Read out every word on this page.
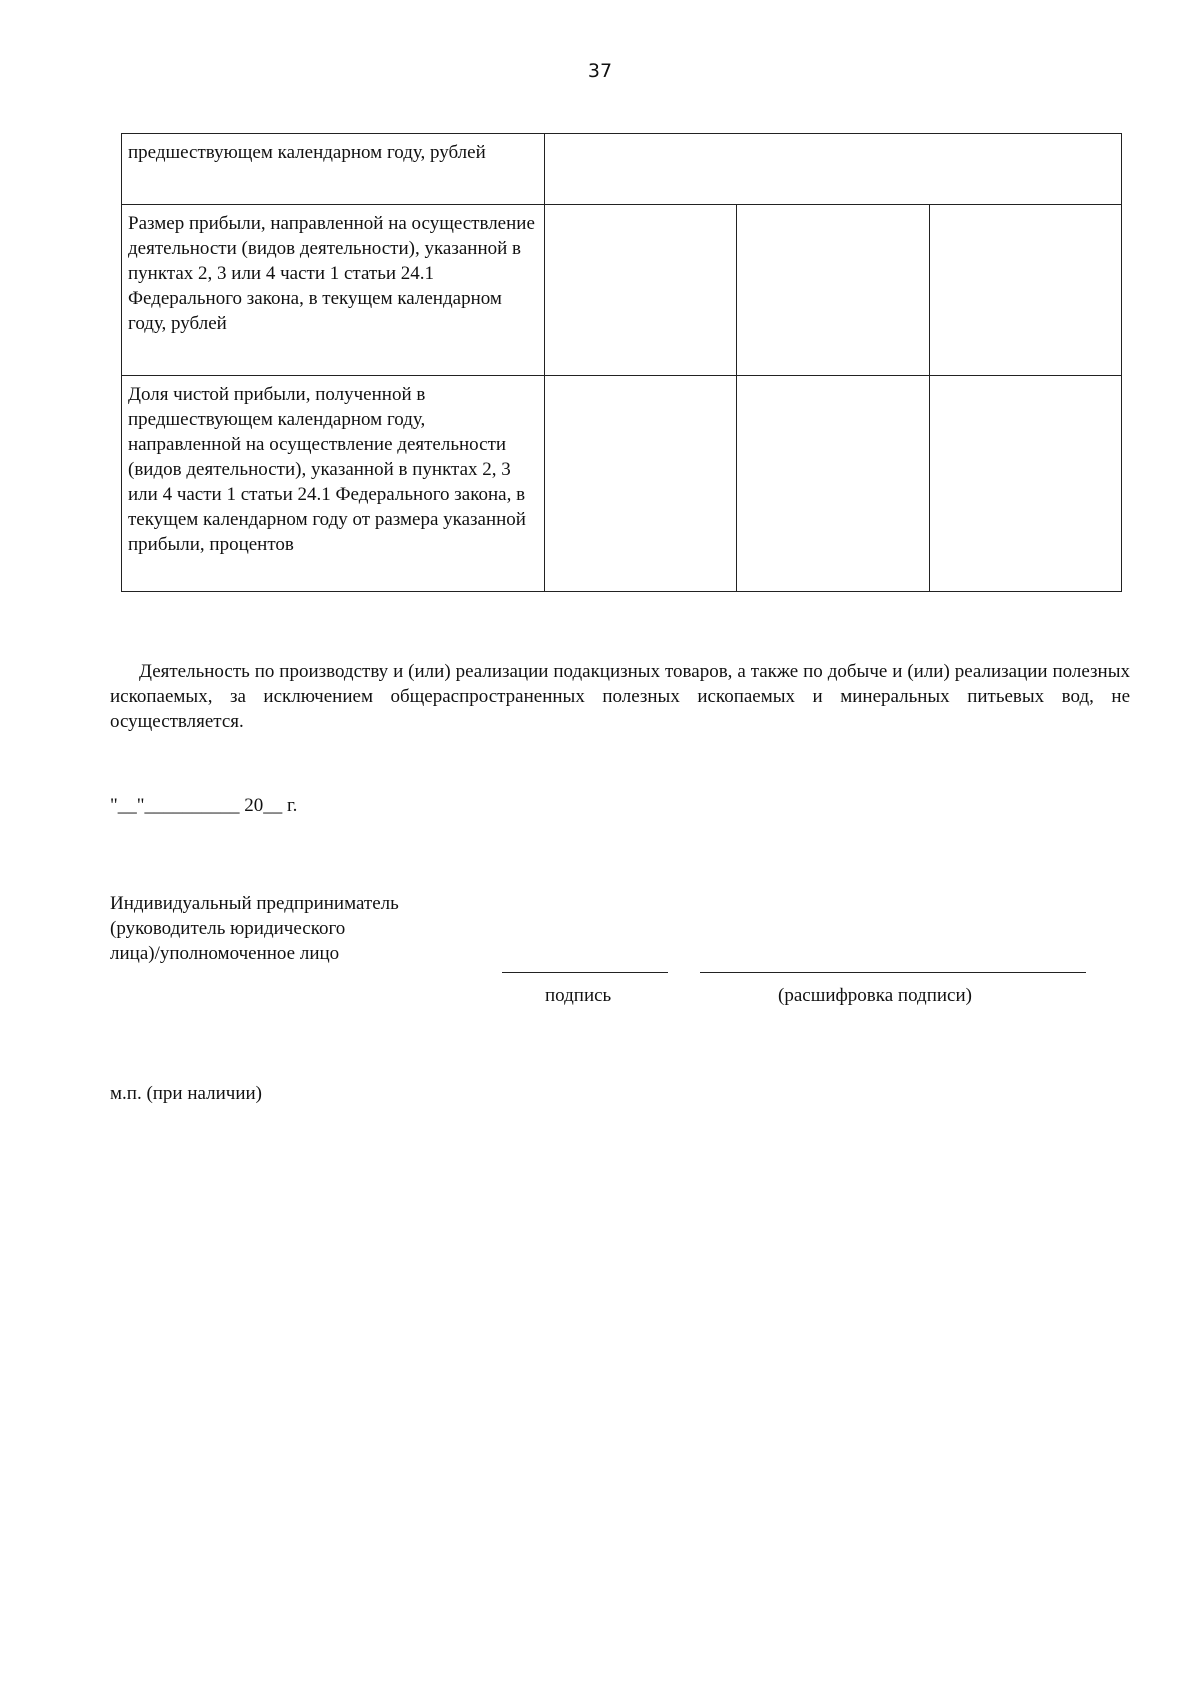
37
предшествующем календарном году, рублей			
Размер прибыли, направленной на осуществление деятельности (видов деятельности), указанной в пунктах 2, 3 или 4 части 1 статьи 24.1 Федерального закона, в текущем календарном году, рублей			
Доля чистой прибыли, полученной в предшествующем календарном году, направленной на осуществление деятельности (видов деятельности), указанной в пунктах 2, 3 или 4 части 1 статьи 24.1 Федерального закона, в текущем календарном году от размера указанной прибыли, процентов			

Деятельность по производству и (или) реализации подакцизных товаров, а также по добыче и (или) реализации полезных ископаемых, за исключением общераспространенных полезных ископаемых и минеральных питьевых вод, не осуществляется.

"__"__________ 20__ г.
Индивидуальный предприниматель
(руководитель юридического
лица)/уполномоченное лицо
подпись	(расшифровка подписи)
м.п. (при наличии)
